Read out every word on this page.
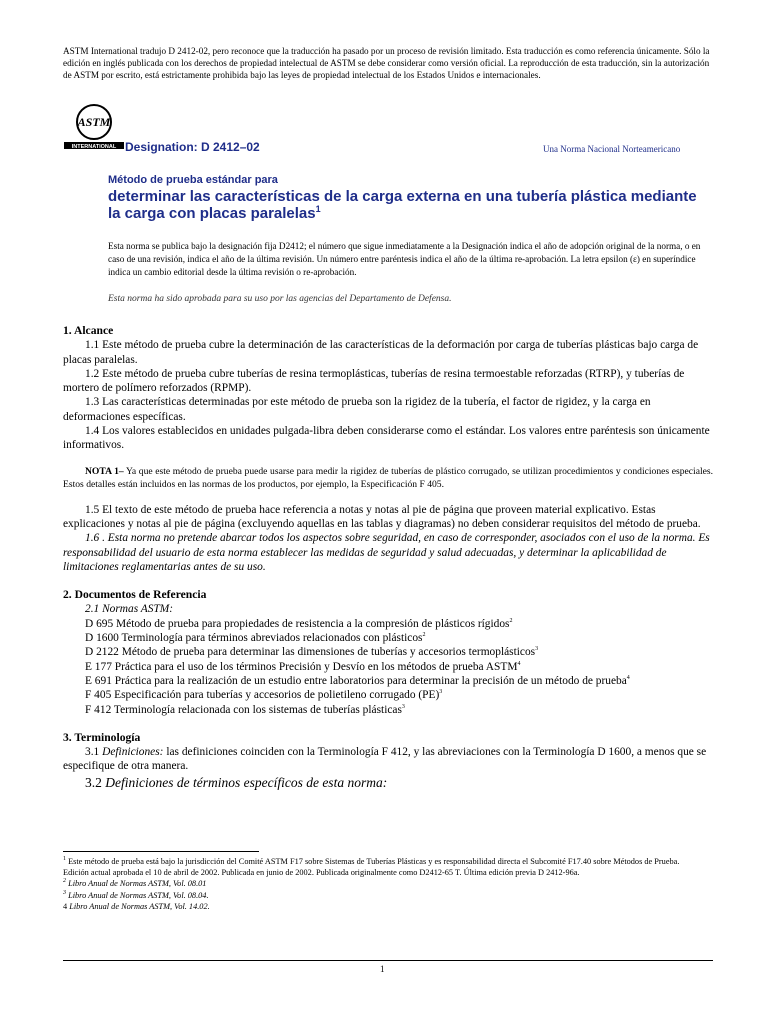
ASTM International tradujo D 2412-02, pero reconoce que la traducción ha pasado por un proceso de revisión limitado. Esta traducción es como referencia únicamente. Sólo la edición en inglés publicada con los derechos de propiedad intelectual de ASTM se debe considerar como versión oficial. La reproducción de esta traducción, sin la autorización de ASTM por escrito, está estrictamente prohibida bajo las leyes de propiedad intelectual de los Estados Unidos e internacionales.
ASTM
INTERNATIONAL Designation: D 2412–02	Una Norma Nacional Norteamericano
Método de prueba estándar para
determinar las características de la carga externa en una tubería plástica mediante la carga con placas paralelas$^1$
Esta norma se publica bajo la designación fija D2412; el número que sigue inmediatamente a la Designación indica el año de adopción original de la norma, o en caso de una revisión, indica el año de la última revisión. Un número entre paréntesis indica el año de la última re-aprobación. La letra epsilon (ε) en superíndice indica un cambio editorial desde la última revisión o re-aprobación.
Esta norma ha sido aprobada para su uso por las agencias del Departamento de Defensa.
1. Alcance

1.1 Este método de prueba cubre la determinación de las características de la deformación por carga de tuberías plásticas bajo carga de placas paralelas.

1.2 Este método de prueba cubre tuberías de resina termoplásticas, tuberías de resina termoestable reforzadas (RTRP), y tuberías de mortero de polímero reforzados (RPMP).

1.3 Las características determinadas por este método de prueba son la rigidez de la tubería, el factor de rigidez, y la carga en deformaciones específicas.

1.4 Los valores establecidos en unidades pulgada-libra deben considerarse como el estándar. Los valores entre paréntesis son únicamente informativos.

NOTA 1– Ya que este método de prueba puede usarse para medir la rigidez de tuberías de plástico corrugado, se utilizan procedimientos y condiciones especiales. Estos detalles están incluidos en las normas de los productos, por ejemplo, la Especificación F 405.

1.5 El texto de este método de prueba hace referencia a notas y notas al pie de página que proveen material explicativo. Estas explicaciones y notas al pie de página (excluyendo aquellas en las tablas y diagramas) no deben considerar requisitos del método de prueba.

1.6 . Esta norma no pretende abarcar todos los aspectos sobre seguridad, en caso de corresponder, asociados con el uso de la norma. Es responsabilidad del usuario de esta norma establecer las medidas de seguridad y salud adecuadas, y determinar la aplicabilidad de limitaciones reglamentarias antes de su uso.

2. Documentos de Referencia

2.1 Normas ASTM:

D 695 Método de prueba para propiedades de resistencia a la compresión de plásticos rígidos$^2$

D 1600 Terminología para términos abreviados relacionados con plásticos$^2$

D 2122 Método de prueba para determinar las dimensiones de tuberías y accesorios termoplásticos$^3$

E 177 Práctica para el uso de los términos Precisión y Desvío en los métodos de prueba ASTM$^4$

E 691 Práctica para la realización de un estudio entre laboratorios para determinar la precisión de un método de prueba$^4$

F 405 Especificación para tuberías y accesorios de polietileno corrugado (PE)$^3$

F 412 Terminología relacionada con los sistemas de tuberías plásticas$^3$

3. Terminología

3.1 Definiciones: las definiciones coinciden con la Terminología F 412, y las abreviaciones con la Terminología D 1600, a menos que se especifique de otra manera.

3.2 Definiciones de términos específicos de esta norma:

$^1$ Este método de prueba está bajo la jurisdicción del Comité ASTM F17 sobre Sistemas de Tuberías Plásticas y es responsabilidad directa el Subcomité F17.40 sobre Métodos de Prueba.

Edición actual aprobada el 10 de abril de 2002. Publicada en junio de 2002. Publicada originalmente como D2412-65 T. Última edición previa D 2412-96a.

$^2$ Libro Anual de Normas ASTM, Vol. 08.01

$^3$ Libro Anual de Normas ASTM, Vol. 08.04.

4 Libro Anual de Normas ASTM, Vol. 14.02.

1
